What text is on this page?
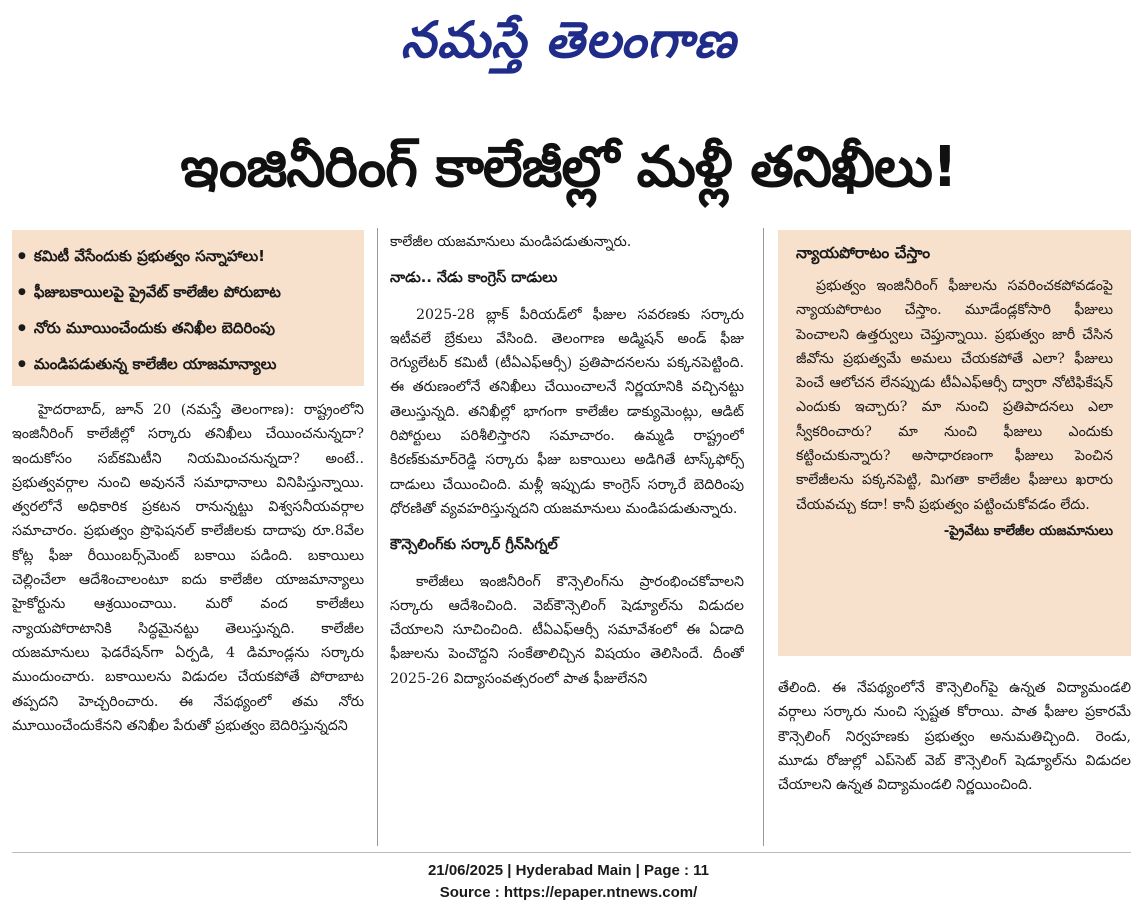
నమస్తే తెలంగాణ
ఇంజినీరింగ్ కాలేజీల్లో మళ్లీ తనిఖీలు!
● కమిటీ వేసేందుకు ప్రభుత్వం సన్నాహాలు!
● ఫీజుబకాయిలపై ప్రైవేట్ కాలేజీల పోరుబాట
● నోరు మూయించేందుకు తనిఖీల బెదిరింపు
● మండిపడుతున్న కాలేజీల యాజమాన్యాలు

హైదరాబాద్, జూన్ 20 (నమస్తే తెలంగాణ): రాష్ట్రంలోని ఇంజినీరింగ్ కాలేజీల్లో సర్కారు తనిఖీలు చేయించనున్నదా? ఇందుకోసం సబ్‌కమిటీని నియమించనున్నదా? అంటే.. ప్రభుత్వవర్గాల నుంచి అవుననే సమాధానాలు వినిపిస్తున్నాయి. త్వరలోనే అధికారిక ప్రకటన రానున్నట్టు విశ్వసనీయవర్గాల సమాచారం. ప్రభుత్వం ప్రొఫెషనల్ కాలేజీలకు దాదాపు రూ.8వేల కోట్ల ఫీజు రీయింబర్స్‌మెంట్ బకాయి పడింది. బకాయిలు చెల్లించేలా ఆదేశించాలంటూ ఐదు కాలేజీల యాజమాన్యాలు హైకోర్టును ఆశ్రయించాయి. మరో వంద కాలేజీలు న్యాయపోరాటానికి సిద్ధమైనట్టు తెలుస్తున్నది. కాలేజీల యజమానులు ఫెడరేషన్‌గా ఏర్పడి, 4 డిమాండ్లను సర్కారు ముందుంచారు. బకాయిలను విడుదల చేయకపోతే పోరాబాట తప్పదని హెచ్చరించారు. ఈ నేపథ్యంలో తమ నోరు మూయించేందుకేనని తనిఖీల పేరుతో ప్రభుత్వం బెదిరిస్తున్నదని

కాలేజీల యజమానులు మండిపడుతున్నారు.

నాడు.. నేడు కాంగ్రెస్ దాడులు

2025-28 బ్లాక్ పీరియడ్‌లో ఫీజుల సవరణకు సర్కారు ఇటీవలే బ్రేకులు వేసింది. తెలంగాణ అడ్మిషన్ అండ్ ఫీజు రెగ్యులేటర్ కమిటీ (టీఏఎఫ్‌ఆర్సీ) ప్రతిపాదనలను పక్కనపెట్టింది. ఈ తరుణంలోనే తనిఖీలు చేయించాలనే నిర్ణయానికి వచ్చినట్టు తెలుస్తున్నది. తనిఖీల్లో భాగంగా కాలేజీల డాక్యుమెంట్లు, ఆడిట్ రిపోర్టులు పరిశీలిస్తారని సమాచారం. ఉమ్మడి రాష్ట్రంలో కిరణ్‌కుమార్‌రెడ్డి సర్కారు ఫీజు బకాయిలు అడిగితే టాస్క్‌ఫోర్స్ దాడులు చేయించింది. మళ్లీ ఇప్పుడు కాంగ్రెస్ సర్కారే బెదిరింపు ధోరణితో వ్యవహరిస్తున్నదని యజమానులు మండిపడుతున్నారు.

కౌన్సెలింగ్‌కు సర్కార్ గ్రీన్‌సిగ్నల్

కాలేజీలు ఇంజినీరింగ్ కౌన్సెలింగ్‌ను ప్రారంభించకోవాలని సర్కారు ఆదేశించింది. వెబ్‌కౌన్సెలింగ్ షెడ్యూల్‌ను విడుదల చేయాలని సూచించింది. టీఏఎఫ్‌ఆర్సీ సమావేశంలో ఈ ఏడాది ఫీజులను పెంచొద్దని సంకేతాలిచ్చిన విషయం తెలిసిందే. దీంతో 2025-26 విద్యాసంవత్సరంలో పాత ఫీజులేనని

న్యాయపోరాటం చేస్తాం

ప్రభుత్వం ఇంజినీరింగ్ ఫీజులను సవరించకపోవడంపై న్యాయపోరాటం చేస్తాం. మూడేండ్లకోసారి ఫీజులు పెంచాలని ఉత్తర్వులు చెప్తున్నాయి. ప్రభుత్వం జారీ చేసిన జీవోను ప్రభుత్వమే అమలు చేయకపోతే ఎలా? ఫీజులు పెంచే ఆలోచన లేనప్పుడు టీఏఎఫ్‌ఆర్సీ ద్వారా నోటిఫికేషన్ ఎందుకు ఇచ్చారు? మా నుంచి ప్రతిపాదనలు ఎలా స్వీకరించారు? మా నుంచి ఫీజులు ఎందుకు కట్టించుకున్నారు? అసాధారణంగా ఫీజులు పెంచిన కాలేజీలను పక్కనపెట్టి, మిగతా కాలేజీల ఫీజులు ఖరారు చేయవచ్చు కదా! కానీ ప్రభుత్వం పట్టించుకోవడం లేదు.

-ప్రైవేటు కాలేజీల యజమానులు

తేలింది. ఈ నేపథ్యంలోనే కౌన్సెలింగ్‌పై ఉన్నత విద్యామండలి వర్గాలు సర్కారు నుంచి స్పష్టత కోరాయి. పాత ఫీజుల ప్రకారమే కౌన్సెలింగ్ నిర్వహణకు ప్రభుత్వం అనుమతిచ్చింది. రెండు, మూడు రోజుల్లో ఎప్‌సెట్ వెబ్ కౌన్సెలింగ్ షెడ్యూల్‌ను విడుదల చేయాలని ఉన్నత విద్యామండలి నిర్ణయించింది.

21/06/2025 | Hyderabad Main | Page : 11
Source : https://epaper.ntnews.com/
